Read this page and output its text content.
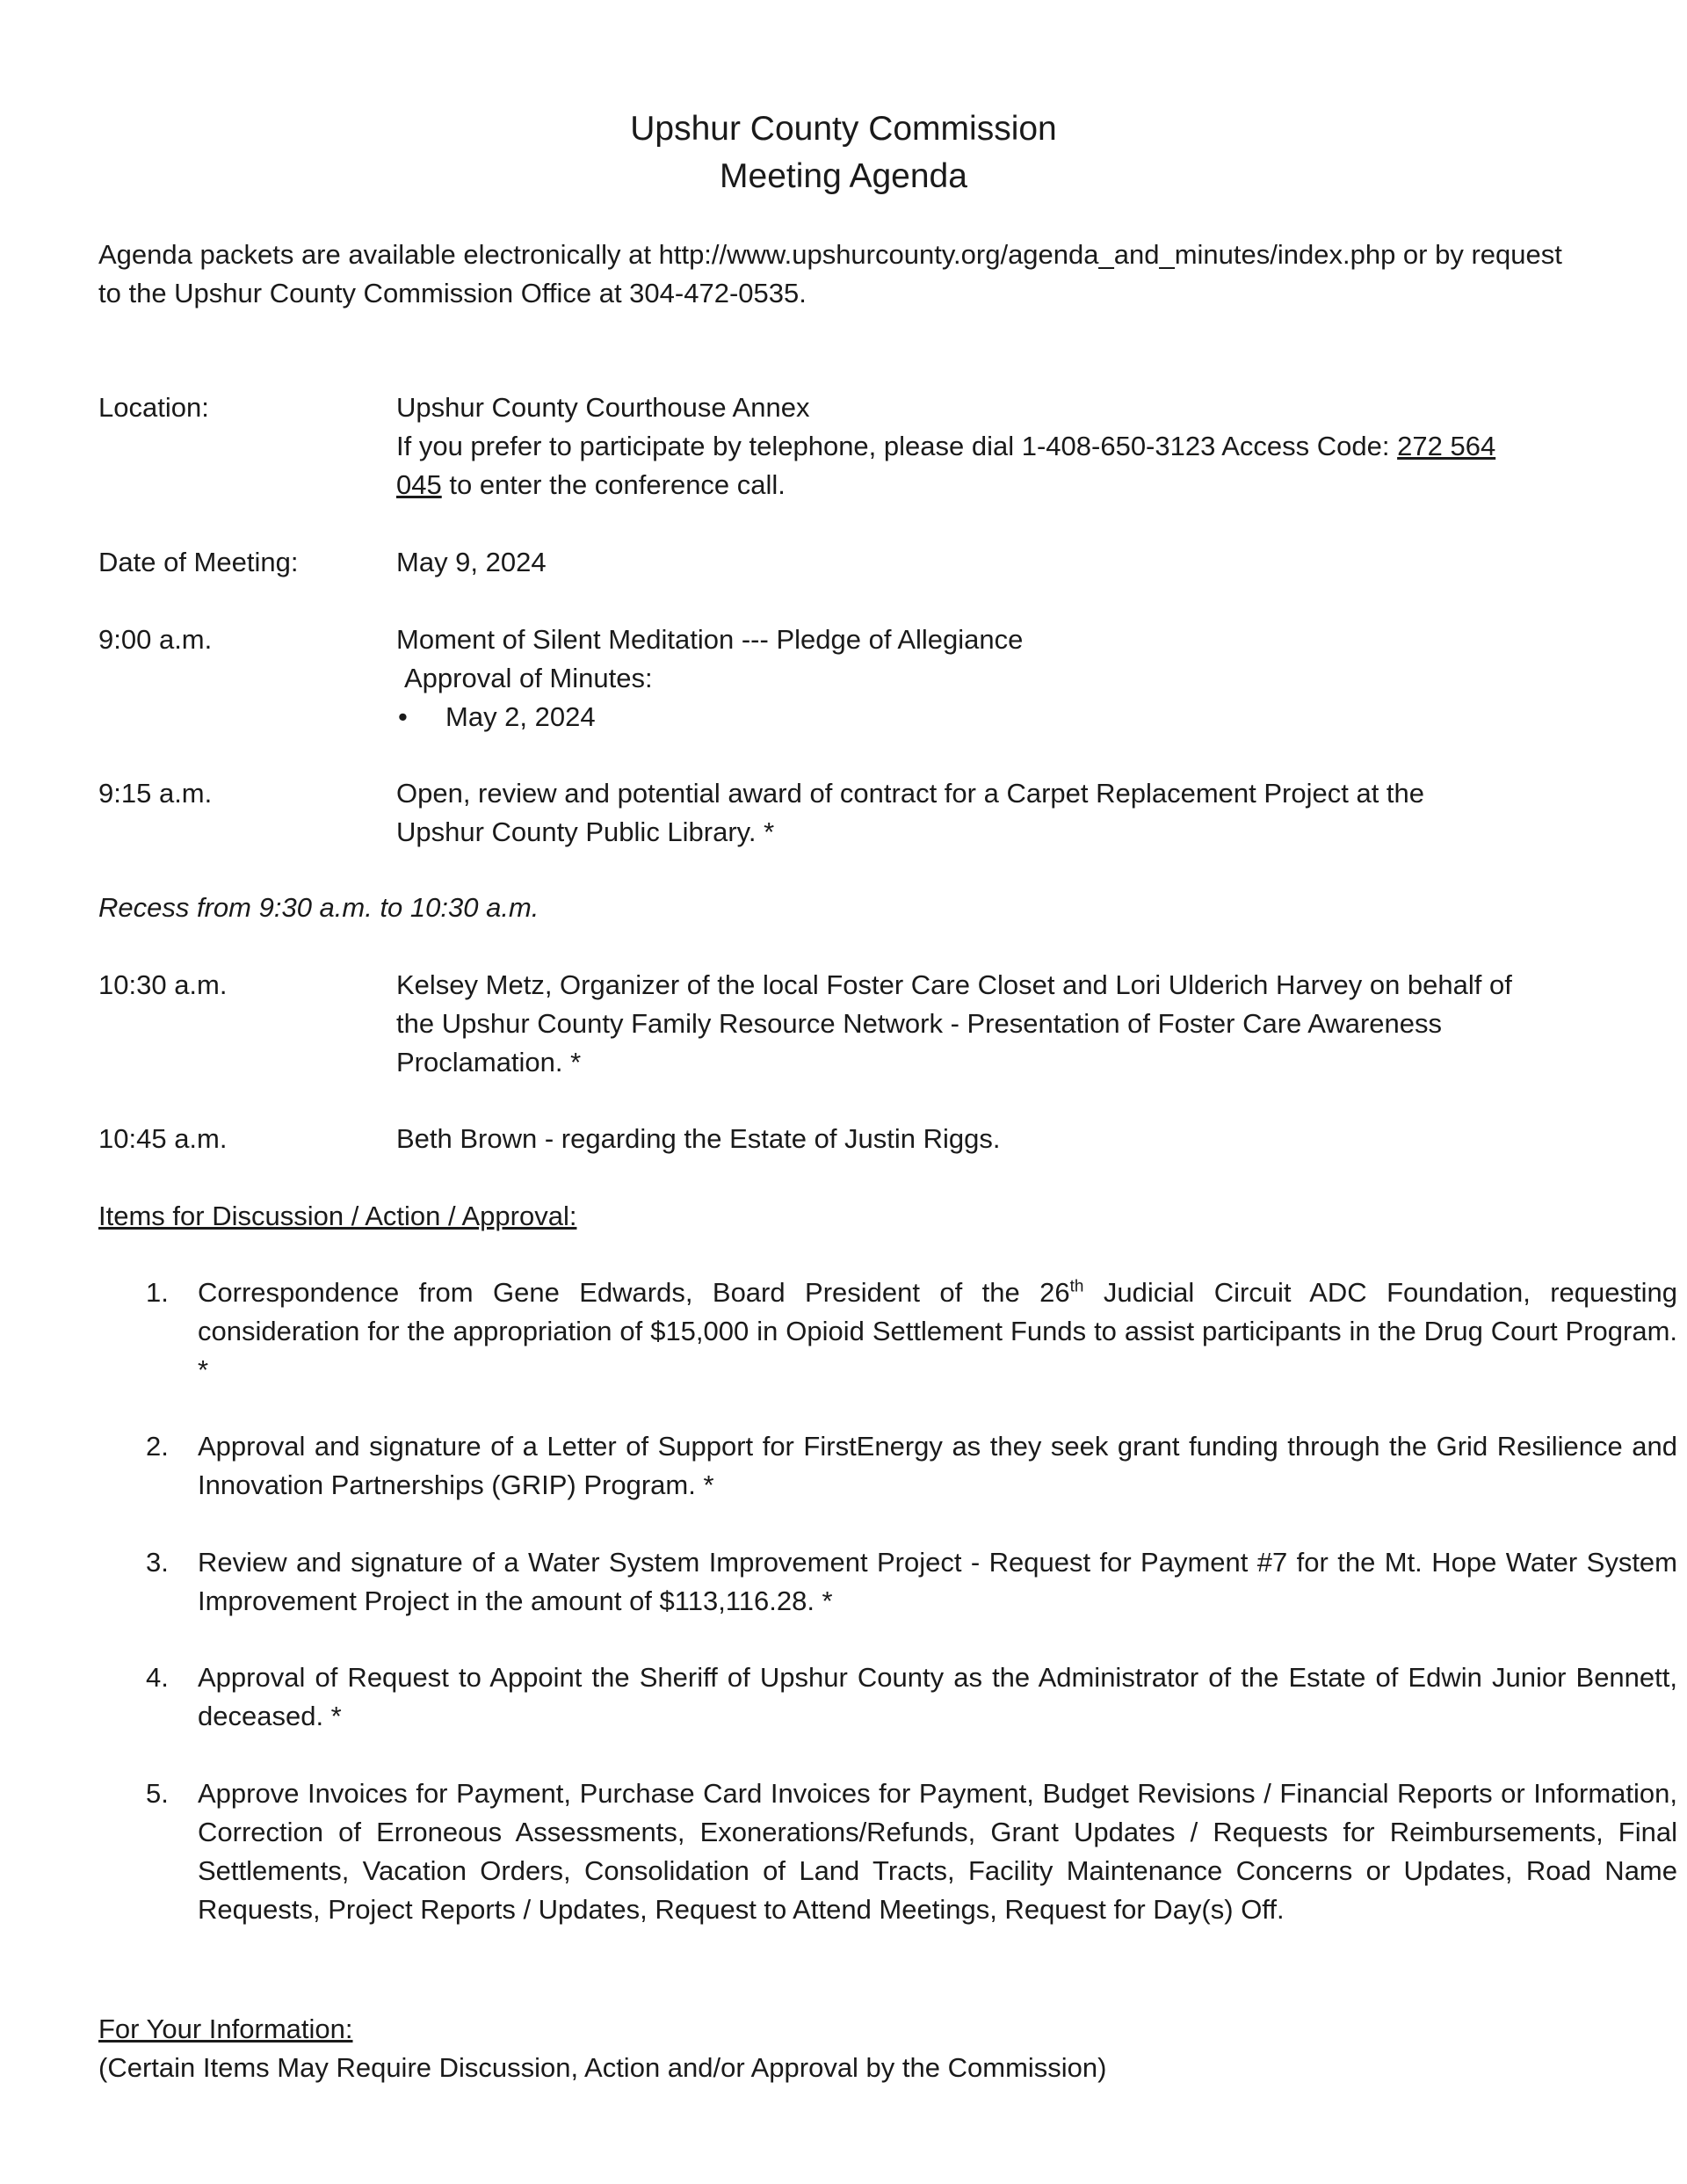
Upshur County Commission
Meeting Agenda
Agenda packets are available electronically at http://www.upshurcounty.org/agenda_and_minutes/index.php or by request
to the Upshur County Commission Office at 304-472-0535.
Location:	Upshur County Courthouse Annex
If you prefer to participate by telephone, please dial 1-408-650-3123 Access Code: 272 564
045 to enter the conference call.
Date of Meeting:	May 9, 2024
9:00 a.m.	Moment of Silent Meditation --- Pledge of Allegiance
Approval of Minutes:
• May 2, 2024
9:15 a.m.	Open, review and potential award of contract for a Carpet Replacement Project at the
Upshur County Public Library. *
Recess from 9:30 a.m. to 10:30 a.m.
10:30 a.m.	Kelsey Metz, Organizer of the local Foster Care Closet and Lori Ulderich Harvey on behalf of
the Upshur County Family Resource Network - Presentation of Foster Care Awareness
Proclamation. *
10:45 a.m.	Beth Brown - regarding the Estate of Justin Riggs.
Items for Discussion / Action / Approval:
1.	Correspondence from Gene Edwards, Board President of the 26th Judicial Circuit ADC Foundation, requesting consideration for the appropriation of $15,000 in Opioid Settlement Funds to assist participants in the Drug Court Program. *
2.	Approval and signature of a Letter of Support for FirstEnergy as they seek grant funding through the Grid Resilience and Innovation Partnerships (GRIP) Program. *
3.	Review and signature of a Water System Improvement Project - Request for Payment #7 for the Mt. Hope Water System Improvement Project in the amount of $113,116.28. *
4.	Approval of Request to Appoint the Sheriff of Upshur County as the Administrator of the Estate of Edwin Junior Bennett, deceased. *
5.	Approve Invoices for Payment, Purchase Card Invoices for Payment, Budget Revisions / Financial Reports or Information, Correction of Erroneous Assessments, Exonerations/Refunds, Grant Updates / Requests for Reimbursements, Final Settlements, Vacation Orders, Consolidation of Land Tracts, Facility Maintenance Concerns or Updates, Road Name Requests, Project Reports / Updates, Request to Attend Meetings, Request for Day(s) Off.
For Your Information:
(Certain Items May Require Discussion, Action and/or Approval by the Commission)
